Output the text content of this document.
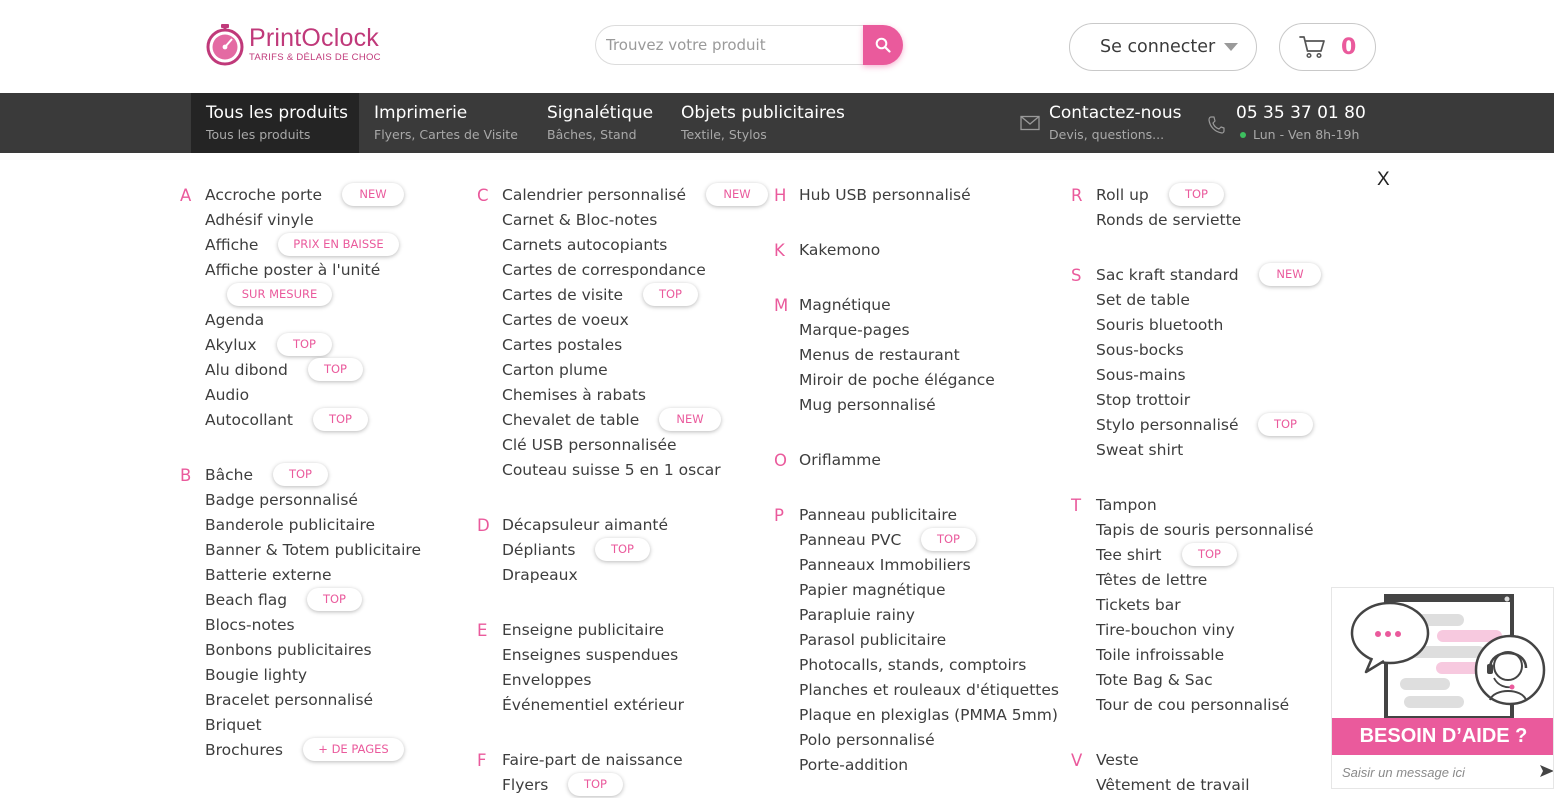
PrintOclock
TARIFS & DÉLAIS DE CHOC
Trouvez votre produit
Se connecter	0
Tous les produits
Tous les produits
Imprimerie
Flyers, Cartes de Visite
Signalétique
Bâches, Stand
Objets publicitaires
Textile, Stylos
Contactez-nous
Devis, questions...
05 35 37 01 80
Lun - Ven 8h-19h
A Accroche porte	NEW
Adhésif vinyle
Affiche	PRIX EN BAISSE
Affiche poster à l'unité
SUR MESURE
Agenda
Akylux	TOP
Alu dibond	TOP
Audio
Autocollant	TOP
B Bâche	TOP
Badge personnalisé
Banderole publicitaire
Banner & Totem publicitaire
Batterie externe
Beach flag	TOP
Blocs-notes
Bonbons publicitaires
Bougie lighty
Bracelet personnalisé
Briquet
Brochures	+ DE PAGES
C Calendrier personnalisé	NEW
Carnet & Bloc-notes
Carnets autocopiants
Cartes de correspondance
Cartes de visite	TOP
Cartes de voeux
Cartes postales
Carton plume
Chemises à rabats
Chevalet de table	NEW
Clé USB personnalisée
Couteau suisse 5 en 1 oscar
D Décapsuleur aimanté
Dépliants	TOP
Drapeaux
E Enseigne publicitaire
Enseignes suspendues
Enveloppes
Événementiel extérieur
F Faire-part de naissance
Flyers	TOP
H Hub USB personnalisé
K Kakemono
M Magnétique
Marque-pages
Menus de restaurant
Miroir de poche élégance
Mug personnalisé
O Oriflamme
P Panneau publicitaire
Panneau PVC	TOP
Panneaux Immobiliers
Papier magnétique
Parapluie rainy
Parasol publicitaire
Photocalls, stands, comptoirs
Planches et rouleaux d'étiquettes
Plaque en plexiglas (PMMA 5mm)
Polo personnalisé
Porte-addition
R Roll up	TOP
Ronds de serviette
S Sac kraft standard	NEW
Set de table
Souris bluetooth
Sous-bocks
Sous-mains
Stop trottoir
Stylo personnalisé	TOP
Sweat shirt
T Tampon
Tapis de souris personnalisé
Tee shirt	TOP
Têtes de lettre
Tickets bar
Tire-bouchon viny
Toile infroissable
Tote Bag & Sac
Tour de cou personnalisé
V Veste
Vêtement de travail
X
BESOIN D’AIDE ?
Saisir un message ici
